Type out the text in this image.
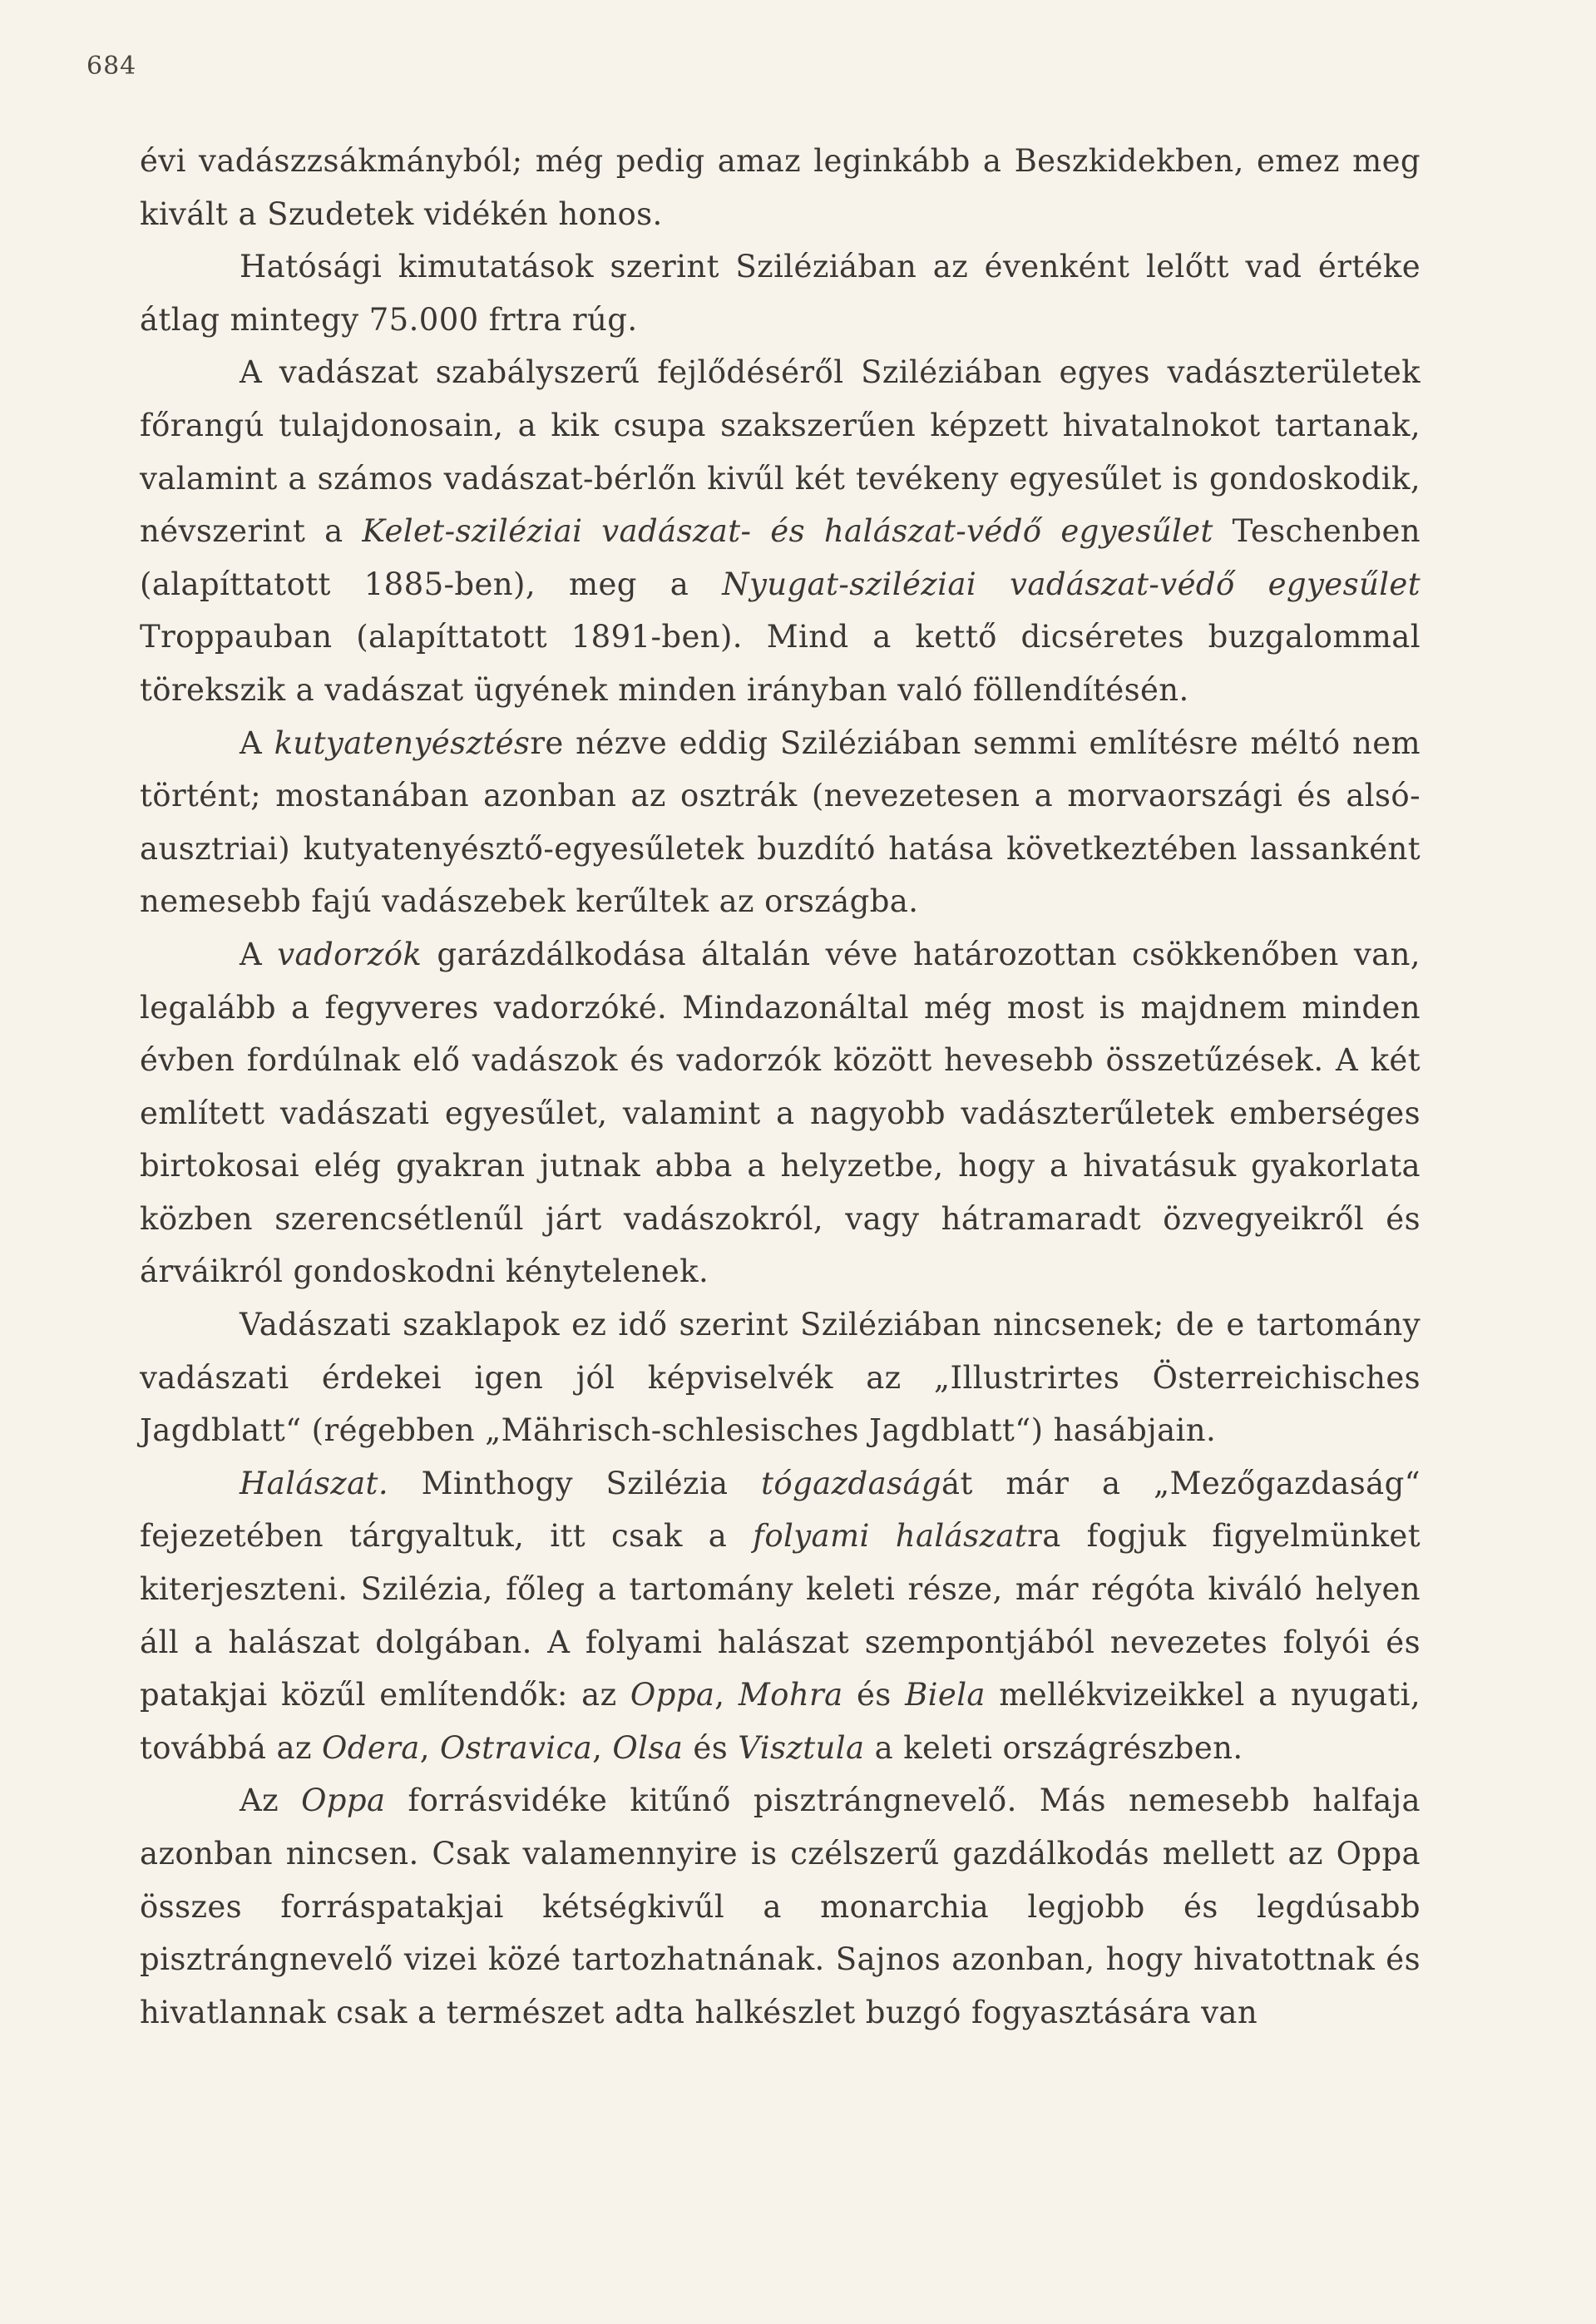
684

évi vadászzsákmányból; még pedig amaz leginkább a Beszkidekben, emez meg kivált a Szudetek vidékén honos.

Hatósági kimutatások szerint Sziléziában az évenként lelőtt vad értéke átlag mintegy 75.000 frtra rúg.

A vadászat szabályszerű fejlődéséről Sziléziában egyes vadászterületek főrangú tulajdonosain, a kik csupa szakszerűen képzett hivatalnokot tartanak, valamint a számos vadászat-bérlőn kivűl két tevékeny egyesűlet is gondoskodik, névszerint a Kelet-sziléziai vadászat- és halászat-védő egyesűlet Teschenben (alapíttatott 1885-ben), meg a Nyugat-sziléziai vadászat-védő egyesűlet Troppauban (alapíttatott 1891-ben). Mind a kettő dicséretes buzgalommal törekszik a vadászat ügyének minden irányban való föllendítésén.

A kutyatenyésztésre nézve eddig Sziléziában semmi említésre méltó nem történt; mostanában azonban az osztrák (nevezetesen a morvaországi és alsó-ausztriai) kutyatenyésztő-egyesűletek buzdító hatása következtében lassanként nemesebb fajú vadászebek kerűltek az országba.

A vadorzók garázdálkodása általán véve határozottan csökkenőben van, legalább a fegyveres vadorzóké. Mindazonáltal még most is majdnem minden évben fordúlnak elő vadászok és vadorzók között hevesebb összetűzések. A két említett vadászati egyesűlet, valamint a nagyobb vadászterűletek emberséges birtokosai elég gyakran jutnak abba a helyzetbe, hogy a hivatásuk gyakorlata közben szerencsétlenűl járt vadászokról, vagy hátramaradt özvegyeikről és árváikról gondoskodni kénytelenek.

Vadászati szaklapok ez idő szerint Sziléziában nincsenek; de e tartomány vadászati érdekei igen jól képviselvék az „Illustrirtes Österreichisches Jagdblatt“ (régebben „Mährisch-schlesisches Jagdblatt“) hasábjain.

Halászat. Minthogy Szilézia tógazdaságát már a „Mezőgazdaság“ fejezetében tárgyaltuk, itt csak a folyami halászatra fogjuk figyelmünket kiterjeszteni. Szilézia, főleg a tartomány keleti része, már régóta kiváló helyen áll a halászat dolgában. A folyami halászat szempontjából nevezetes folyói és patakjai közűl említendők: az Oppa, Mohra és Biela mellékvizeikkel a nyugati, továbbá az Odera, Ostravica, Olsa és Visztula a keleti országrészben.

Az Oppa forrásvidéke kitűnő pisztrángnevelő. Más nemesebb halfaja azonban nincsen. Csak valamennyire is czélszerű gazdálkodás mellett az Oppa összes forráspatakjai kétségkivűl a monarchia legjobb és legdúsabb pisztrángnevelő vizei közé tartozhatnának. Sajnos azonban, hogy hivatottnak és hivatlannak csak a természet adta halkészlet buzgó fogyasztására van
